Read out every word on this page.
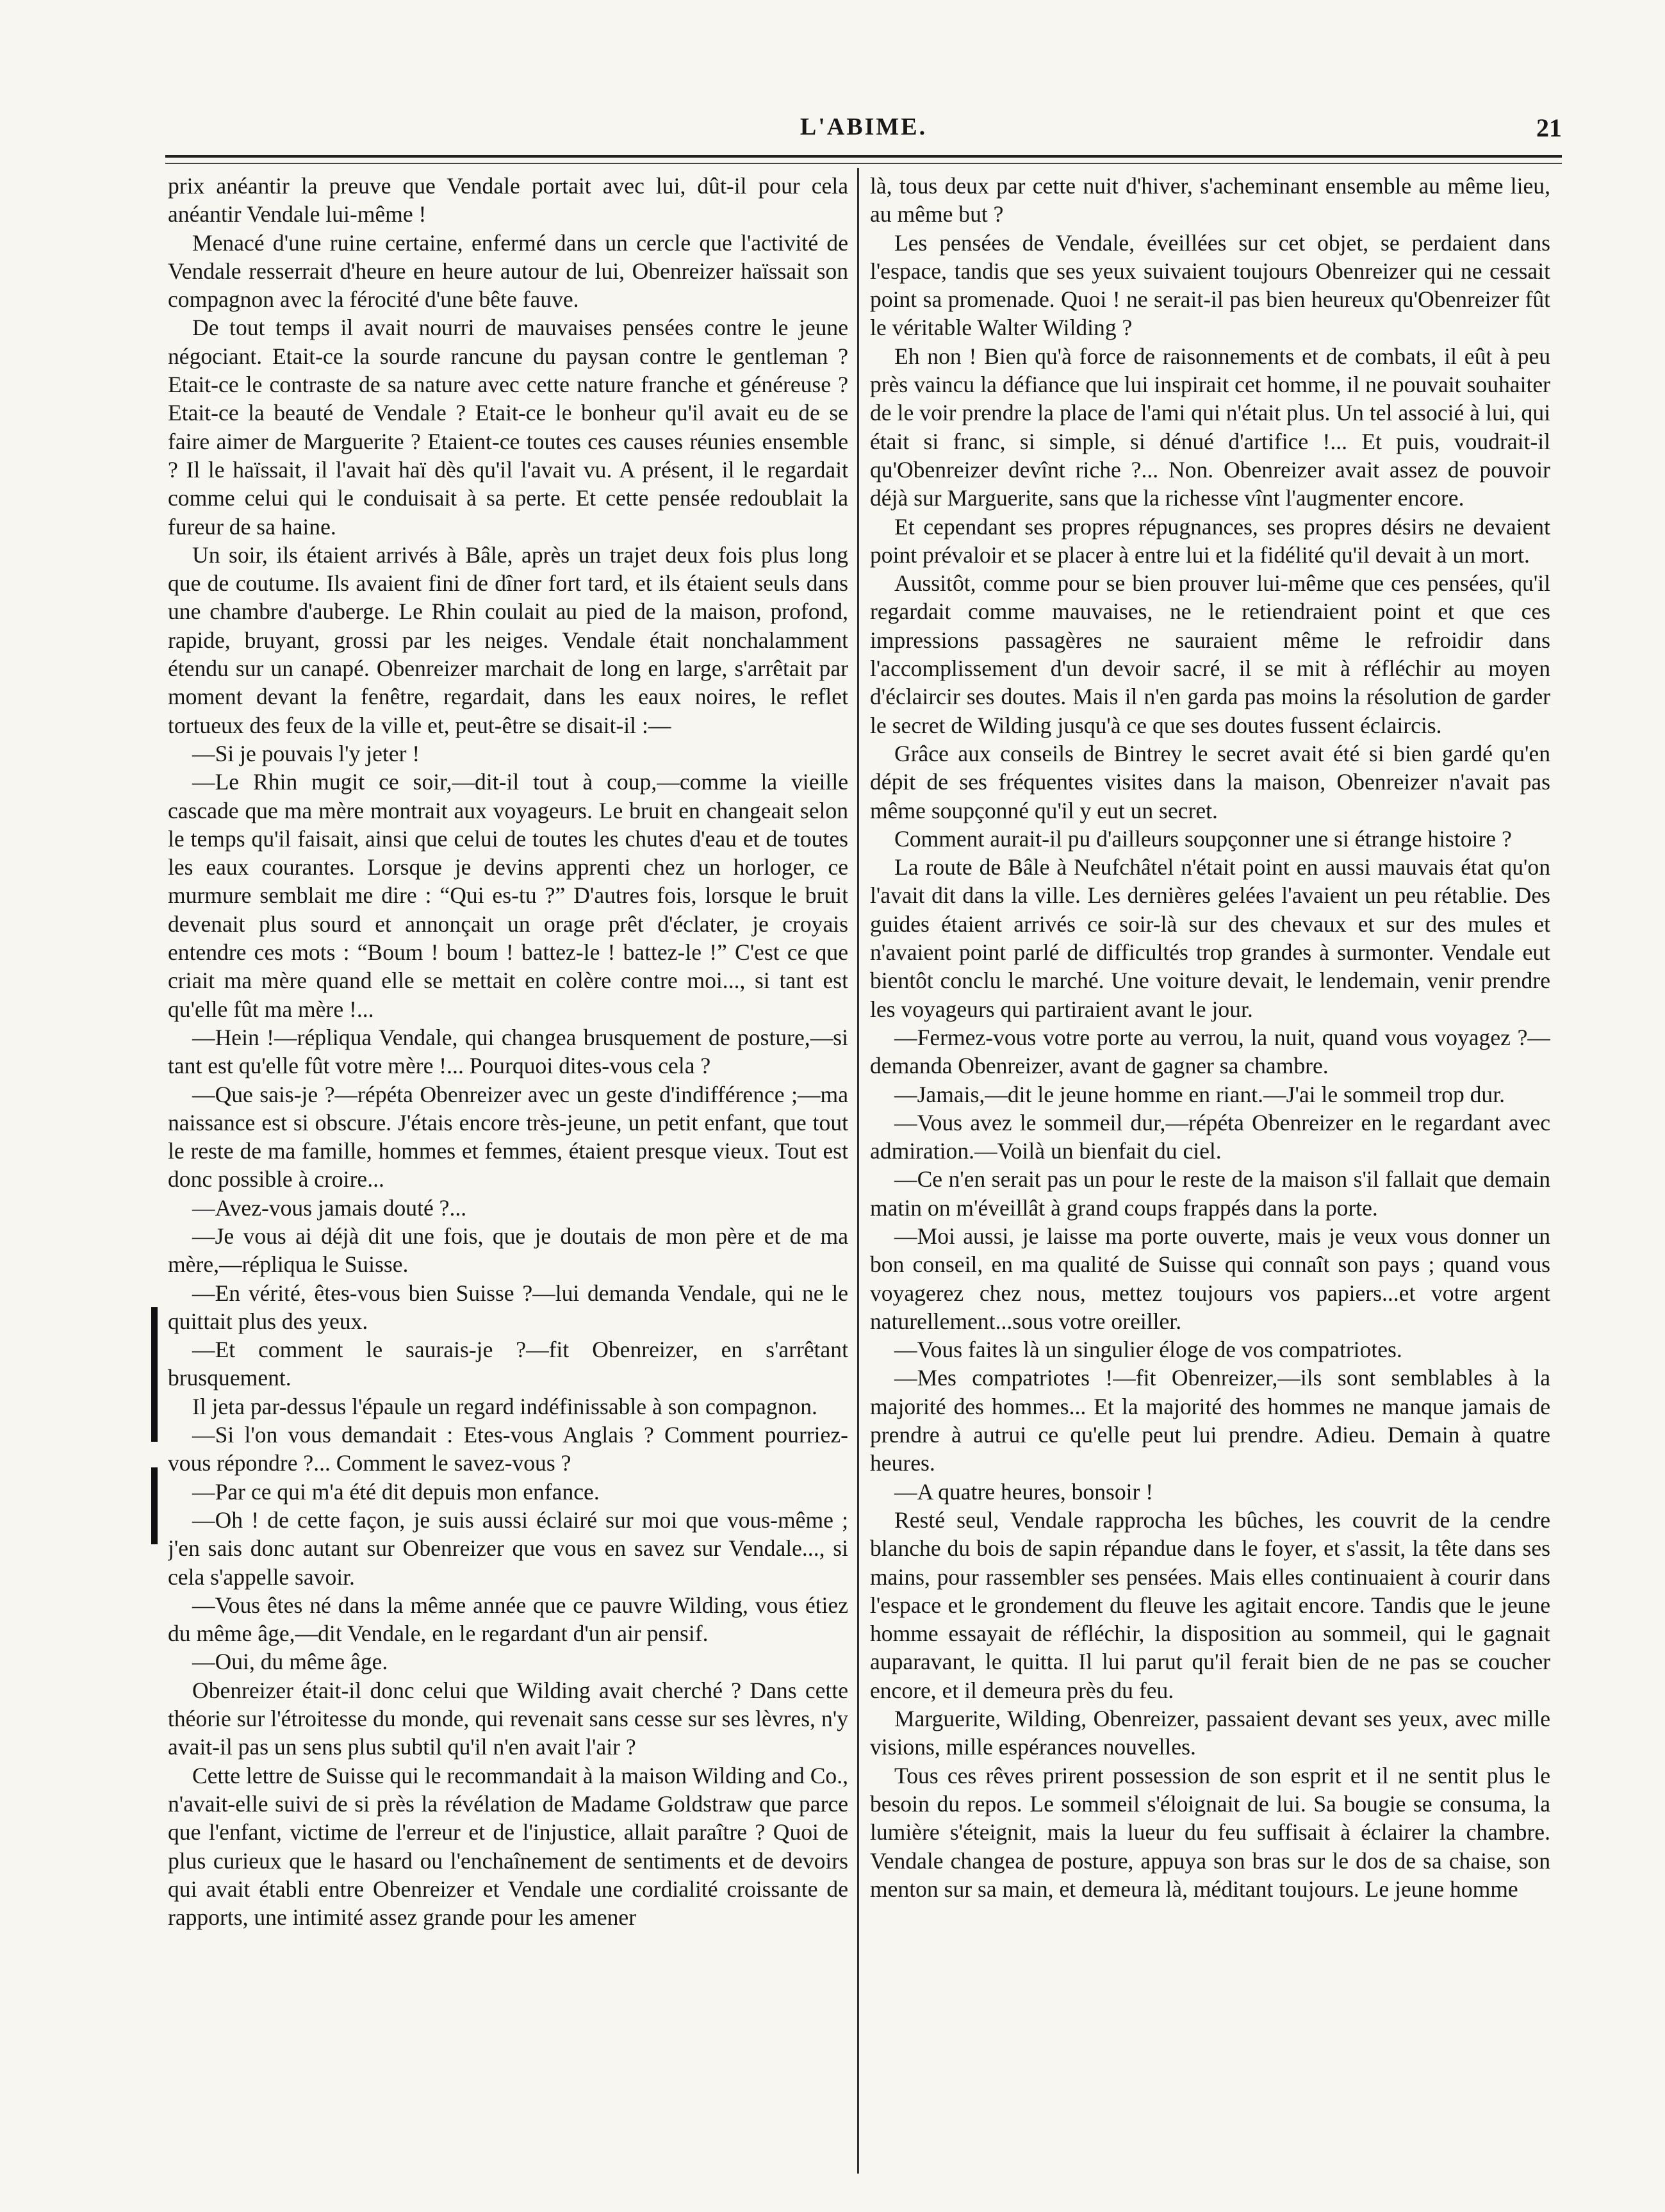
L'ABIME.	21

prix anéantir la preuve que Vendale portait avec lui, dût-il pour cela anéantir Vendale lui-même !

Menacé d'une ruine certaine, enfermé dans un cercle que l'activité de Vendale resserrait d'heure en heure autour de lui, Obenreizer haïssait son compagnon avec la férocité d'une bête fauve.

De tout temps il avait nourri de mauvaises pensées contre le jeune négociant. Etait-ce la sourde rancune du paysan contre le gentleman ? Etait-ce le contraste de sa nature avec cette nature franche et généreuse ? Etait-ce la beauté de Vendale ? Etait-ce le bonheur qu'il avait eu de se faire aimer de Marguerite ? Etaient-ce toutes ces causes réunies ensemble ? Il le haïssait, il l'avait haï dès qu'il l'avait vu. A présent, il le regardait comme celui qui le conduisait à sa perte. Et cette pensée redoublait la fureur de sa haine.

Un soir, ils étaient arrivés à Bâle, après un trajet deux fois plus long que de coutume. Ils avaient fini de dîner fort tard, et ils étaient seuls dans une chambre d'auberge. Le Rhin coulait au pied de la maison, profond, rapide, bruyant, grossi par les neiges. Vendale était nonchalamment étendu sur un canapé. Obenreizer marchait de long en large, s'arrêtait par moment devant la fenêtre, regardait, dans les eaux noires, le reflet tortueux des feux de la ville et, peut-être se disait-il :—

—Si je pouvais l'y jeter !

—Le Rhin mugit ce soir,—dit-il tout à coup,—comme la vieille cascade que ma mère montrait aux voyageurs. Le bruit en changeait selon le temps qu'il faisait, ainsi que celui de toutes les chutes d'eau et de toutes les eaux courantes. Lorsque je devins apprenti chez un horloger, ce murmure semblait me dire : “Qui es-tu ?” D'autres fois, lorsque le bruit devenait plus sourd et annonçait un orage prêt d'éclater, je croyais entendre ces mots : “Boum ! boum ! battez-le ! battez-le !” C'est ce que criait ma mère quand elle se mettait en colère contre moi..., si tant est qu'elle fût ma mère !...

—Hein !—répliqua Vendale, qui changea brusquement de posture,—si tant est qu'elle fût votre mère !... Pourquoi dites-vous cela ?

—Que sais-je ?—répéta Obenreizer avec un geste d'indifférence ;—ma naissance est si obscure. J'étais encore très-jeune, un petit enfant, que tout le reste de ma famille, hommes et femmes, étaient presque vieux. Tout est donc possible à croire...

—Avez-vous jamais douté ?...

—Je vous ai déjà dit une fois, que je doutais de mon père et de ma mère,—répliqua le Suisse.

—En vérité, êtes-vous bien Suisse ?—lui demanda Vendale, qui ne le quittait plus des yeux.

—Et comment le saurais-je ?—fit Obenreizer, en s'arrêtant brusquement.

Il jeta par-dessus l'épaule un regard indéfinissable à son compagnon.

—Si l'on vous demandait : Etes-vous Anglais ? Comment pourriez-vous répondre ?... Comment le savez-vous ?

—Par ce qui m'a été dit depuis mon enfance.

—Oh ! de cette façon, je suis aussi éclairé sur moi que vous-même ; j'en sais donc autant sur Obenreizer que vous en savez sur Vendale..., si cela s'appelle savoir.

—Vous êtes né dans la même année que ce pauvre Wilding, vous étiez du même âge,—dit Vendale, en le regardant d'un air pensif.

—Oui, du même âge.

Obenreizer était-il donc celui que Wilding avait cherché ? Dans cette théorie sur l'étroitesse du monde, qui revenait sans cesse sur ses lèvres, n'y avait-il pas un sens plus subtil qu'il n'en avait l'air ?

Cette lettre de Suisse qui le recommandait à la maison Wilding and Co., n'avait-elle suivi de si près la révélation de Madame Goldstraw que parce que l'enfant, victime de l'erreur et de l'injustice, allait paraître ? Quoi de plus curieux que le hasard ou l'enchaînement de sentiments et de devoirs qui avait établi entre Obenreizer et Vendale une cordialité croissante de rapports, une intimité assez grande pour les amener

là, tous deux par cette nuit d'hiver, s'acheminant ensemble au même lieu, au même but ?

Les pensées de Vendale, éveillées sur cet objet, se perdaient dans l'espace, tandis que ses yeux suivaient toujours Obenreizer qui ne cessait point sa promenade. Quoi ! ne serait-il pas bien heureux qu'Obenreizer fût le véritable Walter Wilding ?

Eh non ! Bien qu'à force de raisonnements et de combats, il eût à peu près vaincu la défiance que lui inspirait cet homme, il ne pouvait souhaiter de le voir prendre la place de l'ami qui n'était plus. Un tel associé à lui, qui était si franc, si simple, si dénué d'artifice !... Et puis, voudrait-il qu'Obenreizer devînt riche ?... Non. Obenreizer avait assez de pouvoir déjà sur Marguerite, sans que la richesse vînt l'augmenter encore.

Et cependant ses propres répugnances, ses propres désirs ne devaient point prévaloir et se placer à entre lui et la fidélité qu'il devait à un mort.

Aussitôt, comme pour se bien prouver lui-même que ces pensées, qu'il regardait comme mauvaises, ne le retiendraient point et que ces impressions passagères ne sauraient même le refroidir dans l'accomplissement d'un devoir sacré, il se mit à réfléchir au moyen d'éclaircir ses doutes. Mais il n'en garda pas moins la résolution de garder le secret de Wilding jusqu'à ce que ses doutes fussent éclaircis.

Grâce aux conseils de Bintrey le secret avait été si bien gardé qu'en dépit de ses fréquentes visites dans la maison, Obenreizer n'avait pas même soupçonné qu'il y eut un secret.

Comment aurait-il pu d'ailleurs soupçonner une si étrange histoire ?

La route de Bâle à Neufchâtel n'était point en aussi mauvais état qu'on l'avait dit dans la ville. Les dernières gelées l'avaient un peu rétablie. Des guides étaient arrivés ce soir-là sur des chevaux et sur des mules et n'avaient point parlé de difficultés trop grandes à surmonter. Vendale eut bientôt conclu le marché. Une voiture devait, le lendemain, venir prendre les voyageurs qui partiraient avant le jour.

—Fermez-vous votre porte au verrou, la nuit, quand vous voyagez ?—demanda Obenreizer, avant de gagner sa chambre.

—Jamais,—dit le jeune homme en riant.—J'ai le sommeil trop dur.

—Vous avez le sommeil dur,—répéta Obenreizer en le regardant avec admiration.—Voilà un bienfait du ciel.

—Ce n'en serait pas un pour le reste de la maison s'il fallait que demain matin on m'éveillât à grand coups frappés dans la porte.

—Moi aussi, je laisse ma porte ouverte, mais je veux vous donner un bon conseil, en ma qualité de Suisse qui connaît son pays ; quand vous voyagerez chez nous, mettez toujours vos papiers...et votre argent naturellement...sous votre oreiller.

—Vous faites là un singulier éloge de vos compatriotes.

—Mes compatriotes !—fit Obenreizer,—ils sont semblables à la majorité des hommes... Et la majorité des hommes ne manque jamais de prendre à autrui ce qu'elle peut lui prendre. Adieu. Demain à quatre heures.

—A quatre heures, bonsoir !

Resté seul, Vendale rapprocha les bûches, les couvrit de la cendre blanche du bois de sapin répandue dans le foyer, et s'assit, la tête dans ses mains, pour rassembler ses pensées. Mais elles continuaient à courir dans l'espace et le grondement du fleuve les agitait encore. Tandis que le jeune homme essayait de réfléchir, la disposition au sommeil, qui le gagnait auparavant, le quitta. Il lui parut qu'il ferait bien de ne pas se coucher encore, et il demeura près du feu.

Marguerite, Wilding, Obenreizer, passaient devant ses yeux, avec mille visions, mille espérances nouvelles.

Tous ces rêves prirent possession de son esprit et il ne sentit plus le besoin du repos. Le sommeil s'éloignait de lui. Sa bougie se consuma, la lumière s'éteignit, mais la lueur du feu suffisait à éclairer la chambre. Vendale changea de posture, appuya son bras sur le dos de sa chaise, son menton sur sa main, et demeura là, méditant toujours. Le jeune homme
